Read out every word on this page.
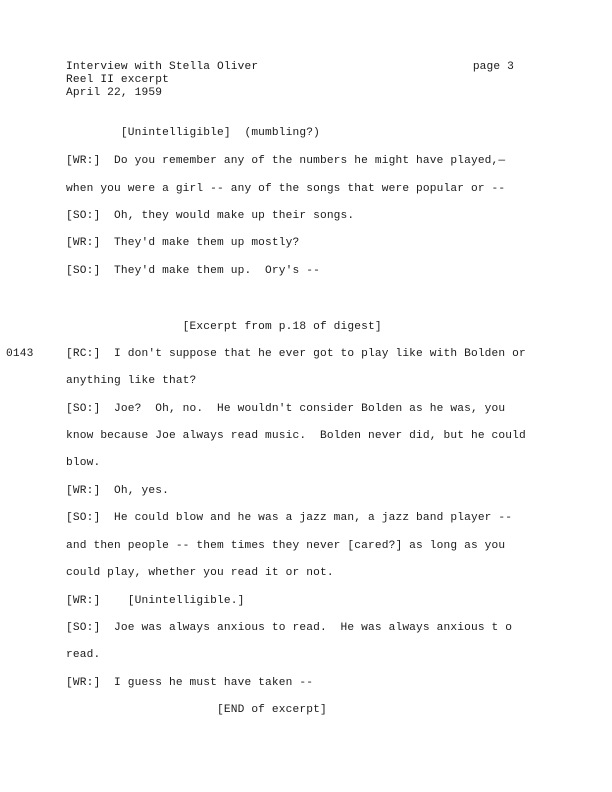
Interview with Stella Oliver	page 3
Reel II excerpt
April 22, 1959
[Unintelligible]  (mumbling?)
[WR:]  Do you remember any of the numbers he might have played,—
when you were a girl -- any of the songs that were popular or --
[SO:]  Oh, they would make up their songs.
[WR:]  They'd make them up mostly?
[SO:]  They'd make them up.  Ory's --
[Excerpt from p.18 of digest]
0143	[RC:]  I don't suppose that he ever got to play like with Bolden or
anything like that?
[SO:]  Joe?  Oh, no.  He wouldn't consider Bolden as he was, you
know because Joe always read music.  Bolden never did, but he could
blow.
[WR:]  Oh, yes.
[SO:]  He could blow and he was a jazz man, a jazz band player --
and then people -- them times they never [cared?] as long as you
could play, whether you read it or not.
[WR:]    [Unintelligible.]
[SO:]  Joe was always anxious to read.  He was always anxious t o
read.
[WR:]  I guess he must have taken --
[END of excerpt]
